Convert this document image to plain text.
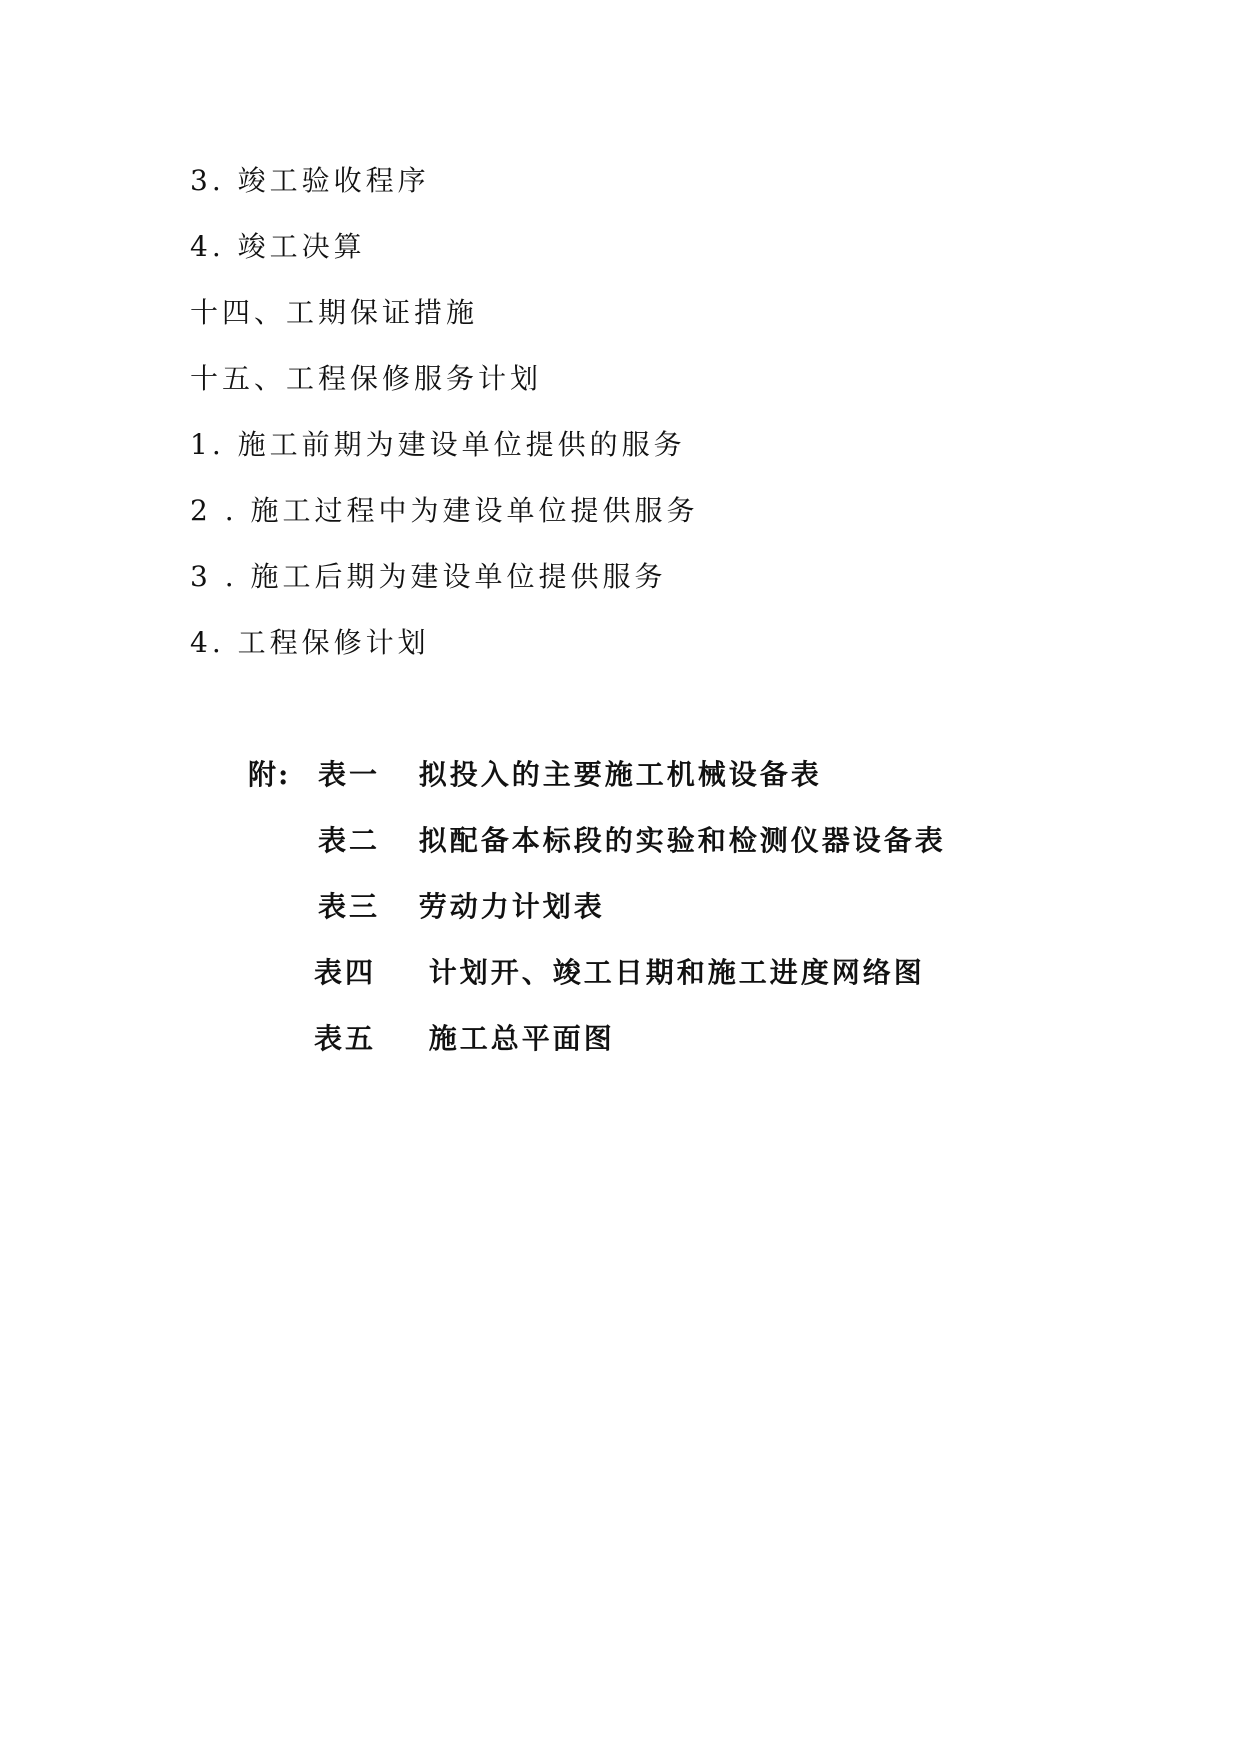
3. 竣工验收程序
4. 竣工决算
十四、工期保证措施
十五、工程保修服务计划
1. 施工前期为建设单位提供的服务
2 . 施工过程中为建设单位提供服务
3 . 施工后期为建设单位提供服务
4. 工程保修计划
附: 表一 拟投入的主要施工机械设备表
表二 拟配备本标段的实验和检测仪器设备表
表三 劳动力计划表
表四 计划开、竣工日期和施工进度网络图
表五 施工总平面图
